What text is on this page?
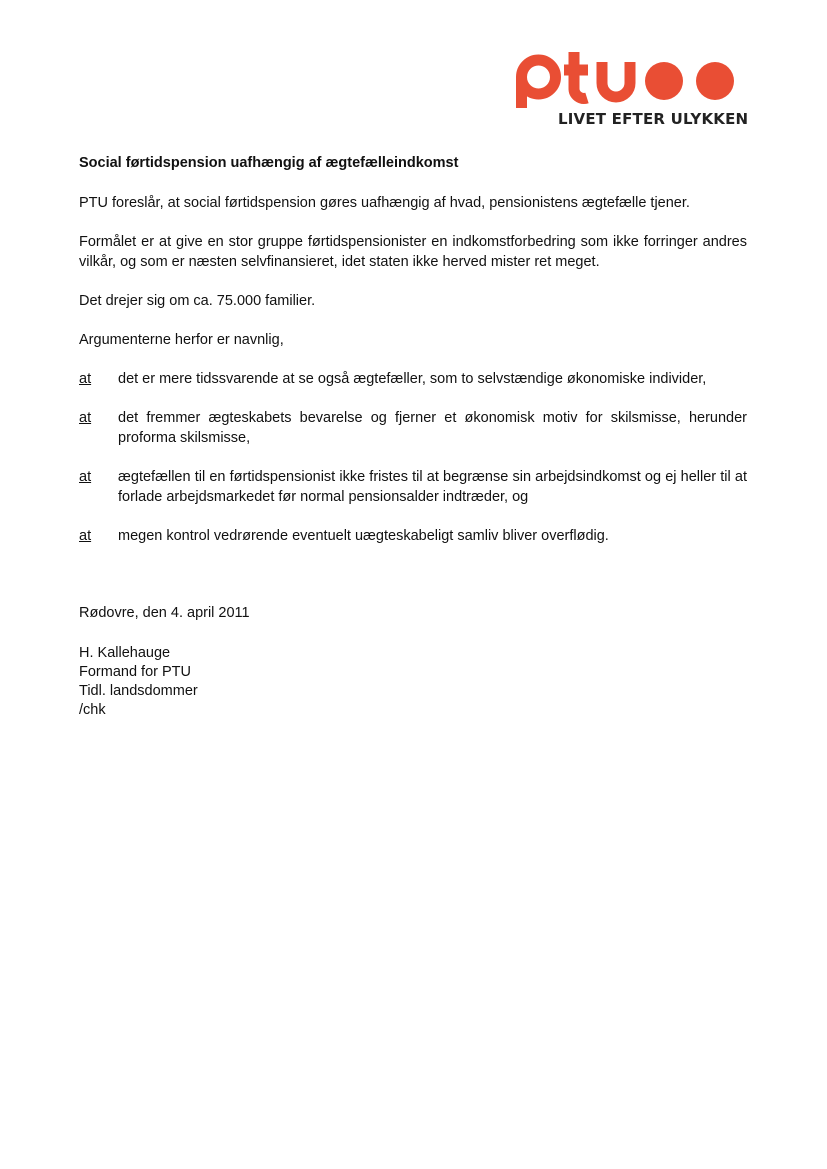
LIVET EFTER ULYKKEN
Social førtidspension uafhængig af ægtefælleindkomst

PTU foreslår, at social førtidspension gøres uafhængig af hvad, pensionistens ægtefælle tjener.

Formålet er at give en stor gruppe førtidspensionister en indkomstforbedring som ikke forringer andres vilkår, og som er næsten selvfinansieret, idet staten ikke herved mister ret meget.

Det drejer sig om ca. 75.000 familier.

Argumenterne herfor er navnlig,

at	det er mere tidssvarende at se også ægtefæller, som to selvstændige økonomiske individer,
at	det fremmer ægteskabets bevarelse og fjerner et økonomisk motiv for skilsmisse, herunder proforma skilsmisse,
at	ægtefællen til en førtidspensionist ikke fristes til at begrænse sin arbejdsindkomst og ej heller til at forlade arbejdsmarkedet før normal pensionsalder indtræder, og
at	megen kontrol vedrørende eventuelt uægteskabeligt samliv bliver overflødig.

Rødovre, den 4. april 2011

H. Kallehauge

Formand for PTU

Tidl. landsdommer

/chk
